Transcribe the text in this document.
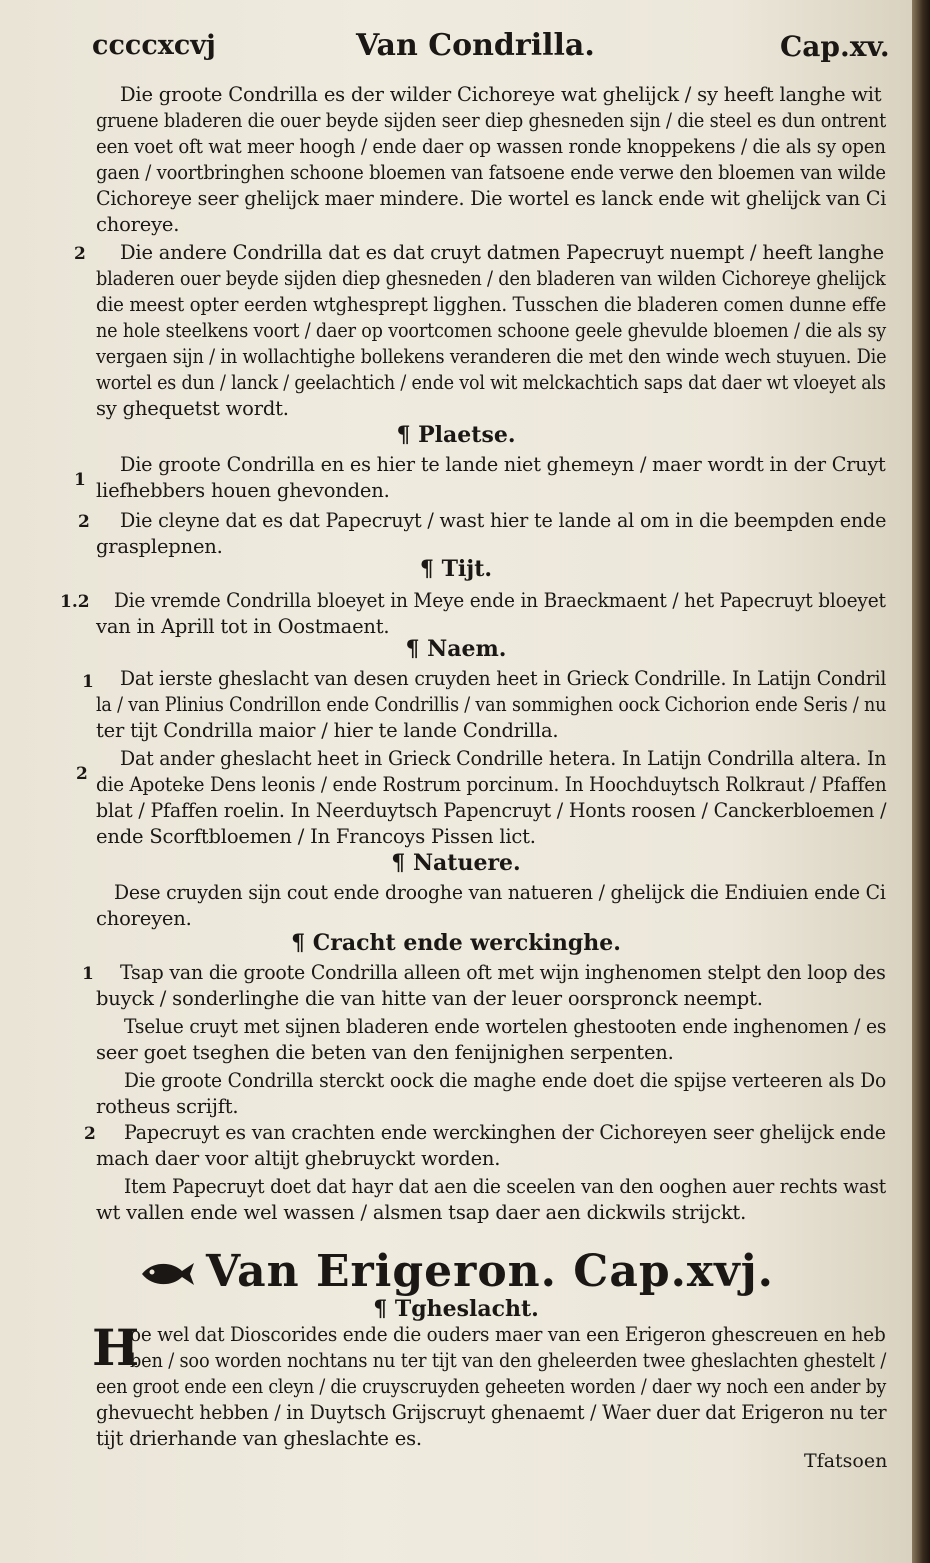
ccccxcvj	Van Condrilla.	Cap.xv.
Die groote Condrilla es der wilder Cichoreye wat ghelijck / sy heeft langhe wit
gruene bladeren die ouer beyde sijden seer diep ghesneden sijn / die steel es dun ontrent
een voet oft wat meer hoogh / ende daer op wassen ronde knoppekens / die als sy open
gaen / voortbringhen schoone bloemen van fatsoene ende verwe den bloemen van wilde
Cichoreye seer ghelijck maer mindere. Die wortel es lanck ende wit ghelijck van Ci
choreye.
2 Die andere Condrilla dat es dat cruyt datmen Papecruyt nuempt / heeft langhe
bladeren ouer beyde sijden diep ghesneden / den bladeren van wilden Cichoreye ghelijck
die meest opter eerden wtghesprept ligghen. Tusschen die bladeren comen dunne effe
ne hole steelkens voort / daer op voortcomen schoone geele ghevulde bloemen / die als sy
vergaen sijn / in wollachtighe bollekens veranderen die met den winde wech stuyuen. Die
wortel es dun / lanck / geelachtich / ende vol wit melckachtich saps dat daer wt vloeyet als
sy ghequetst wordt.
¶ Plaetse.
1
Die groote Condrilla en es hier te lande niet ghemeyn / maer wordt in der Cruyt
liefhebbers houen ghevonden.
2 Die cleyne dat es dat Papecruyt / wast hier te lande al om in die beempden ende
grasplepnen.
¶ Tijt.
1.2 Die vremde Condrilla bloeyet in Meye ende in Braeckmaent / het Papecruyt bloeyet
van in Aprill tot in Oostmaent.
¶ Naem.
1 Dat ierste gheslacht van desen cruyden heet in Grieck Condrille. In Latijn Condril
la / van Plinius Condrillon ende Condrillis / van sommighen oock Cichorion ende Seris / nu
ter tijt Condrilla maior / hier te lande Condrilla.
2
Dat ander gheslacht heet in Grieck Condrille hetera. In Latijn Condrilla altera. In
die Apoteke Dens leonis / ende Rostrum porcinum. In Hoochduytsch Rolkraut / Pfaffen
blat / Pfaffen roelin. In Neerduytsch Papencruyt / Honts roosen / Canckerbloemen /
ende Scorftbloemen / In Francoys Pissen lict.
¶ Natuere.
Dese cruyden sijn cout ende drooghe van natueren / ghelijck die Endiuien ende Ci
choreyen.
¶ Cracht ende werckinghe.
1 Tsap van die groote Condrilla alleen oft met wijn inghenomen stelpt den loop des
buyck / sonderlinghe die van hitte van der leuer oorspronck neempt.
Tselue cruyt met sijnen bladeren ende wortelen ghestooten ende inghenomen / es
seer goet tseghen die beten van den fenijnighen serpenten.
Die groote Condrilla sterckt oock die maghe ende doet die spijse verteeren als Do
rotheus scrijft.
2 Papecruyt es van crachten ende werckinghen der Cichoreyen seer ghelijck ende
mach daer voor altijt ghebruyckt worden.
Item Papecruyt doet dat hayr dat aen die sceelen van den ooghen auer rechts wast
wt vallen ende wel wassen / alsmen tsap daer aen dickwils strijckt.
Van Erigeron. Cap.xvj.
¶ Tgheslacht.
H
oe wel dat Dioscorides ende die ouders maer van een Erigeron ghescreuen en heb
ben / soo worden nochtans nu ter tijt van den gheleerden twee gheslachten ghestelt /
een groot ende een cleyn / die cruyscruyden geheeten worden / daer wy noch een ander by
ghevuecht hebben / in Duytsch Grijscruyt ghenaemt / Waer duer dat Erigeron nu ter
tijt drierhande van gheslachte es.
Tfatsoen
